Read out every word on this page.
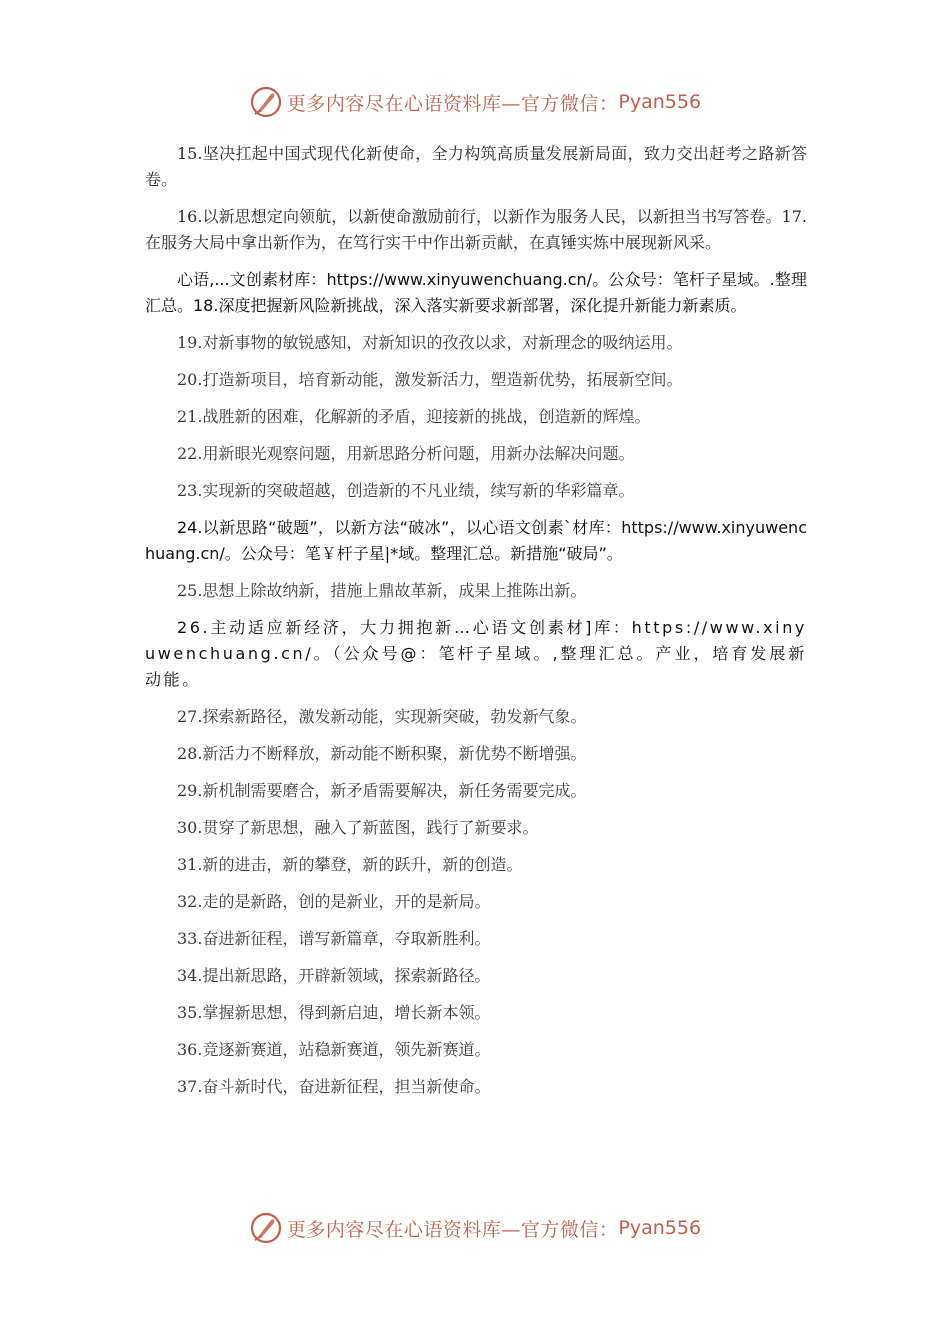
更多内容尽在心语资料库—官方微信： Pyan556

15.坚决扛起中国式现代化新使命，全力构筑高质量发展新局面，致力交出赶考之路新答卷。

16.以新思想定向领航，以新使命激励前行，以新作为服务人民，以新担当书写答卷。17.在服务大局中拿出新作为，在笃行实干中作出新贡献，在真锤实炼中展现新风采。

心语,...文创素材库：https://www.xinyuwenchuang.cn/。公众号：笔杆子星域。.整理汇总。18.深度把握新风险新挑战，深入落实新要求新部署，深化提升新能力新素质。

19.对新事物的敏锐感知，对新知识的孜孜以求，对新理念的吸纳运用。

20.打造新项目，培育新动能，激发新活力，塑造新优势，拓展新空间。

21.战胜新的困难，化解新的矛盾，迎接新的挑战，创造新的辉煌。

22.用新眼光观察问题，用新思路分析问题，用新办法解决问题。

23.实现新的突破超越，创造新的不凡业绩，续写新的华彩篇章。

24.以新思路“破题”，以新方法“破冰”，以心语文创素`材库：https://www.xinyuwenchuang.cn/。公众号：笔￥杆子星|*域。整理汇总。新措施“破局”。

25.思想上除故纳新，措施上鼎故革新，成果上推陈出新。

26.主动适应新经济，大力拥抱新…心语文创素材]库：https://www.xinyuwenchuang.cn/。（公众号@：笔杆子星域。,整理汇总。产业，培育发展新动能。

27.探索新路径，激发新动能，实现新突破，勃发新气象。

28.新活力不断释放，新动能不断积聚，新优势不断增强。

29.新机制需要磨合，新矛盾需要解决，新任务需要完成。

30.贯穿了新思想，融入了新蓝图，践行了新要求。

31.新的进击，新的攀登，新的跃升，新的创造。

32.走的是新路，创的是新业，开的是新局。

33.奋进新征程，谱写新篇章，夺取新胜利。

34.提出新思路，开辟新领域，探索新路径。

35.掌握新思想，得到新启迪，增长新本领。

36.竞逐新赛道，站稳新赛道，领先新赛道。

37.奋斗新时代，奋进新征程，担当新使命。

更多内容尽在心语资料库—官方微信： Pyan556
